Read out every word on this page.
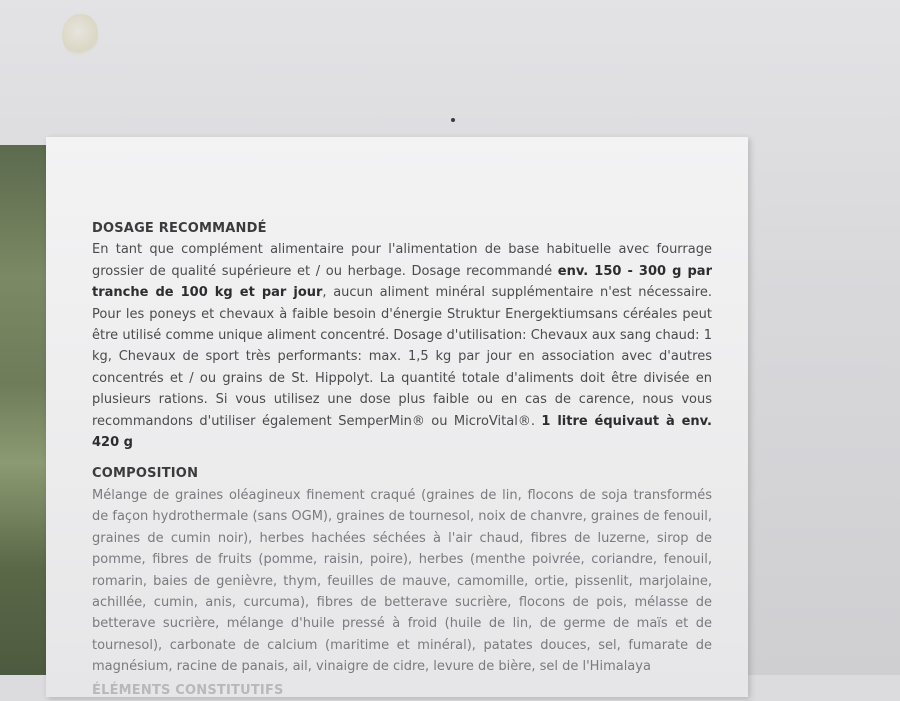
DOSAGE RECOMMANDÉ

En tant que complément alimentaire pour l'alimentation de base habituelle avec fourrage grossier de qualité supérieure et / ou herbage. Dosage recommandé env. 150 - 300 g par tranche de 100 kg et par jour, aucun aliment minéral supplémentaire n'est nécessaire. Pour les poneys et chevaux à faible besoin d'énergie Struktur Energektiumsans céréales peut être utilisé comme unique aliment concentré. Dosage d'utilisation: Chevaux aux sang chaud: 1 kg, Chevaux de sport très performants: max. 1,5 kg par jour en association avec d'autres concentrés et / ou grains de St. Hippolyt. La quantité totale d'aliments doit être divisée en plusieurs rations. Si vous utilisez une dose plus faible ou en cas de carence, nous vous recommandons d'utiliser également SemperMin® ou MicroVital®. 1 litre équivaut à env. 420 g

COMPOSITION

Mélange de graines oléagineux finement craqué (graines de lin, flocons de soja transformés de façon hydrothermale (sans OGM), graines de tournesol, noix de chanvre, graines de fenouil, graines de cumin noir), herbes hachées séchées à l'air chaud, fibres de luzerne, sirop de pomme, fibres de fruits (pomme, raisin, poire), herbes (menthe poivrée, coriandre, fenouil, romarin, baies de genièvre, thym, feuilles de mauve, camomille, ortie, pissenlit, marjolaine, achillée, cumin, anis, curcuma), fibres de betterave sucrière, flocons de pois, mélasse de betterave sucrière, mélange d'huile pressé à froid (huile de lin, de germe de maïs et de tournesol), carbonate de calcium (maritime et minéral), patates douces, sel, fumarate de magnésium, racine de panais, ail, vinaigre de cidre, levure de bière, sel de l'Himalaya

ÉLÉMENTS CONSTITUTIFS
